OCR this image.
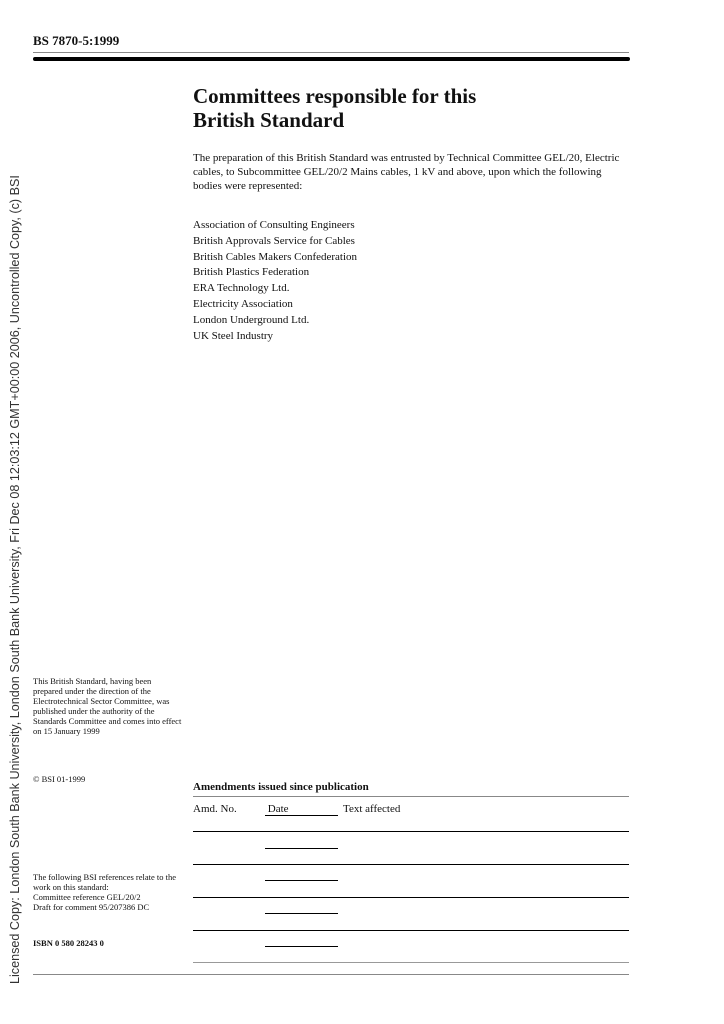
Licensed Copy: London South Bank University, London South Bank University, Fri Dec 08 12:03:12 GMT+00:00 2006, Uncontrolled Copy, (c) BSI
BS 7870-5:1999
Committees responsible for this
British Standard

The preparation of this British Standard was entrusted by Technical Committee GEL/20, Electric cables, to Subcommittee GEL/20/2 Mains cables, 1 kV and above, upon which the following bodies were represented:

Association of Consulting Engineers
British Approvals Service for Cables
British Cables Makers Confederation
British Plastics Federation
ERA Technology Ltd.
Electricity Association
London Underground Ltd.
UK Steel Industry

This British Standard, having been prepared under the direction of the Electrotechnical Sector Committee, was published under the authority of the Standards Committee and comes into effect on 15 January 1999

© BSI 01-1999

The following BSI references relate to the work on this standard:
Committee reference GEL/20/2
Draft for comment 95/207386 DC

ISBN 0 580 28243 0

Amendments issued since publication
Amd. No.	Date	Text affected
